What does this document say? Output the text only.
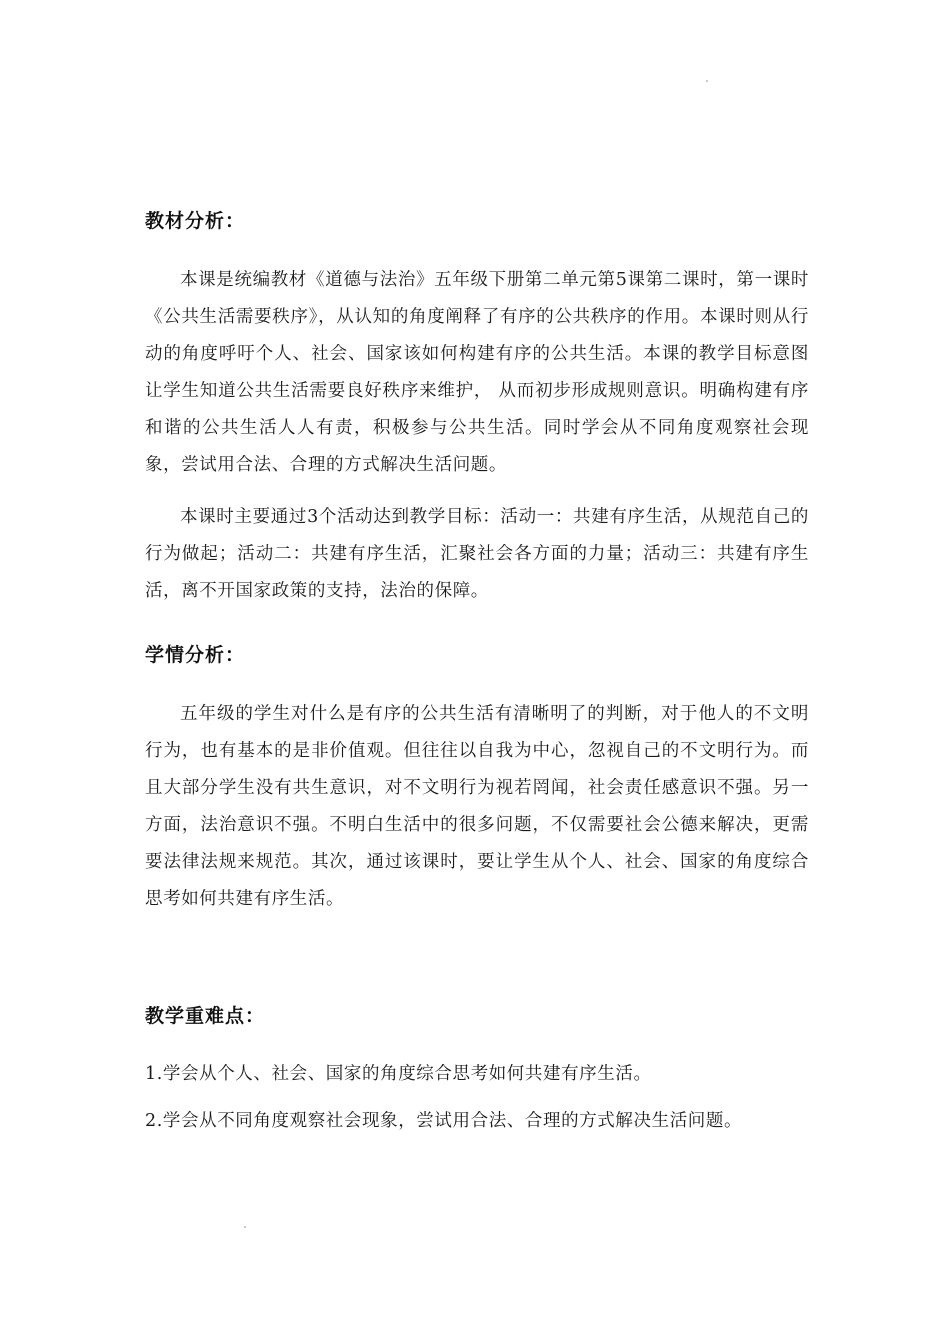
教材分析：

本课是统编教材《道德与法治》五年级下册第二单元第5课第二课时，第一课时《公共生活需要秩序》，从认知的角度阐释了有序的公共秩序的作用。本课时则从行动的角度呼吁个人、社会、国家该如何构建有序的公共生活。本课的教学目标意图让学生知道公共生活需要良好秩序来维护， 从而初步形成规则意识。明确构建有序和谐的公共生活人人有责，积极参与公共生活。同时学会从不同角度观察社会现象，尝试用合法、合理的方式解决生活问题。

本课时主要通过3个活动达到教学目标：活动一：共建有序生活，从规范自己的行为做起；活动二：共建有序生活，汇聚社会各方面的力量；活动三：共建有序生活，离不开国家政策的支持，法治的保障。

学情分析：

五年级的学生对什么是有序的公共生活有清晰明了的判断，对于他人的不文明行为，也有基本的是非价值观。但往往以自我为中心，忽视自己的不文明行为。而且大部分学生没有共生意识，对不文明行为视若罔闻，社会责任感意识不强。另一方面，法治意识不强。不明白生活中的很多问题，不仅需要社会公德来解决，更需要法律法规来规范。其次，通过该课时，要让学生从个人、社会、国家的角度综合思考如何共建有序生活。

教学重难点：

1.学会从个人、社会、国家的角度综合思考如何共建有序生活。

2.学会从不同角度观察社会现象，尝试用合法、合理的方式解决生活问题。
